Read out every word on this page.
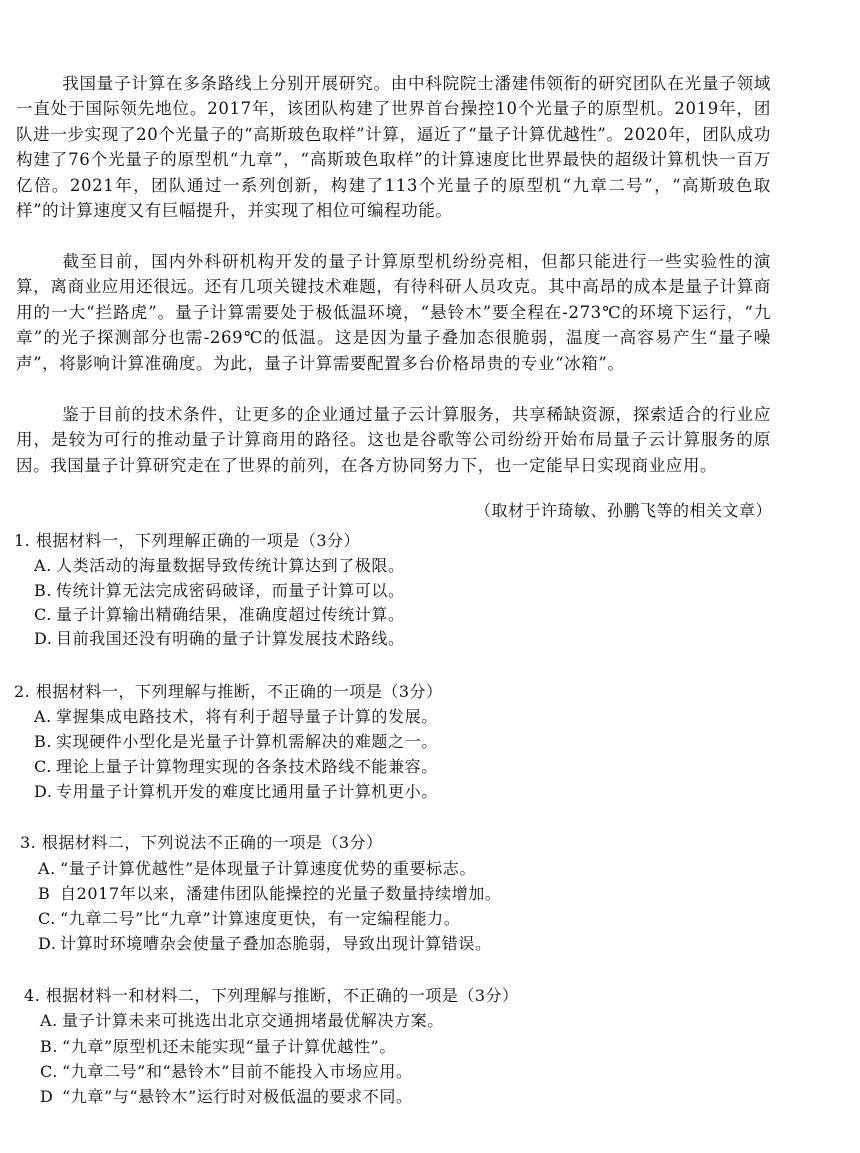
我国量子计算在多条路线上分别开展研究。由中科院院士潘建伟领衔的研究团队在光量子领域一直处于国际领先地位。2017年，该团队构建了世界首台操控10个光量子的原型机。2019年，团队进一步实现了20个光量子的“高斯玻色取样”计算，逼近了“量子计算优越性”。2020年，团队成功构建了76个光量子的原型机“九章”，“高斯玻色取样”的计算速度比世界最快的超级计算机快一百万亿倍。2021年，团队通过一系列创新，构建了113个光量子的原型机“九章二号”，“高斯玻色取样”的计算速度又有巨幅提升，并实现了相位可编程功能。

截至目前，国内外科研机构开发的量子计算原型机纷纷亮相，但都只能进行一些实验性的演算，离商业应用还很远。还有几项关键技术难题，有待科研人员攻克。其中高昂的成本是量子计算商用的一大“拦路虎”。量子计算需要处于极低温环境，“悬铃木”要全程在-273℃的环境下运行，“九章”的光子探测部分也需-269℃的低温。这是因为量子叠加态很脆弱，温度一高容易产生“量子噪声”，将影响计算准确度。为此，量子计算需要配置多台价格昂贵的专业“冰箱”。

鉴于目前的技术条件，让更多的企业通过量子云计算服务，共享稀缺资源，探索适合的行业应用，是较为可行的推动量子计算商用的路径。这也是谷歌等公司纷纷开始布局量子云计算服务的原因。我国量子计算研究走在了世界的前列，在各方协同努力下，也一定能早日实现商业应用。

（取材于许琦敏、孙鹏飞等的相关文章）
1. 根据材料一，下列理解正确的一项是（3分）
A. 人类活动的海量数据导致传统计算达到了极限。
B. 传统计算无法完成密码破译，而量子计算可以。
C. 量子计算输出精确结果，准确度超过传统计算。
D. 目前我国还没有明确的量子计算发展技术路线。
2. 根据材料一，下列理解与推断，不正确的一项是（3分）
A. 掌握集成电路技术，将有利于超导量子计算的发展。
B. 实现硬件小型化是光量子计算机需解决的难题之一。
C. 理论上量子计算物理实现的各条技术路线不能兼容。
D. 专用量子计算机开发的难度比通用量子计算机更小。
3. 根据材料二，下列说法不正确的一项是（3分）
A. “量子计算优越性”是体现量子计算速度优势的重要标志。
B 自2017年以来，潘建伟团队能操控的光量子数量持续增加。
C. “九章二号”比“九章”计算速度更快，有一定编程能力。
D. 计算时环境嘈杂会使量子叠加态脆弱，导致出现计算错误。
4. 根据材料一和材料二，下列理解与推断，不正确的一项是（3分）
A. 量子计算未来可挑选出北京交通拥堵最优解决方案。
B. “九章”原型机还未能实现“量子计算优越性”。
C. “九章二号”和“悬铃木”目前不能投入市场应用。
D “九章”与“悬铃木”运行时对极低温的要求不同。
